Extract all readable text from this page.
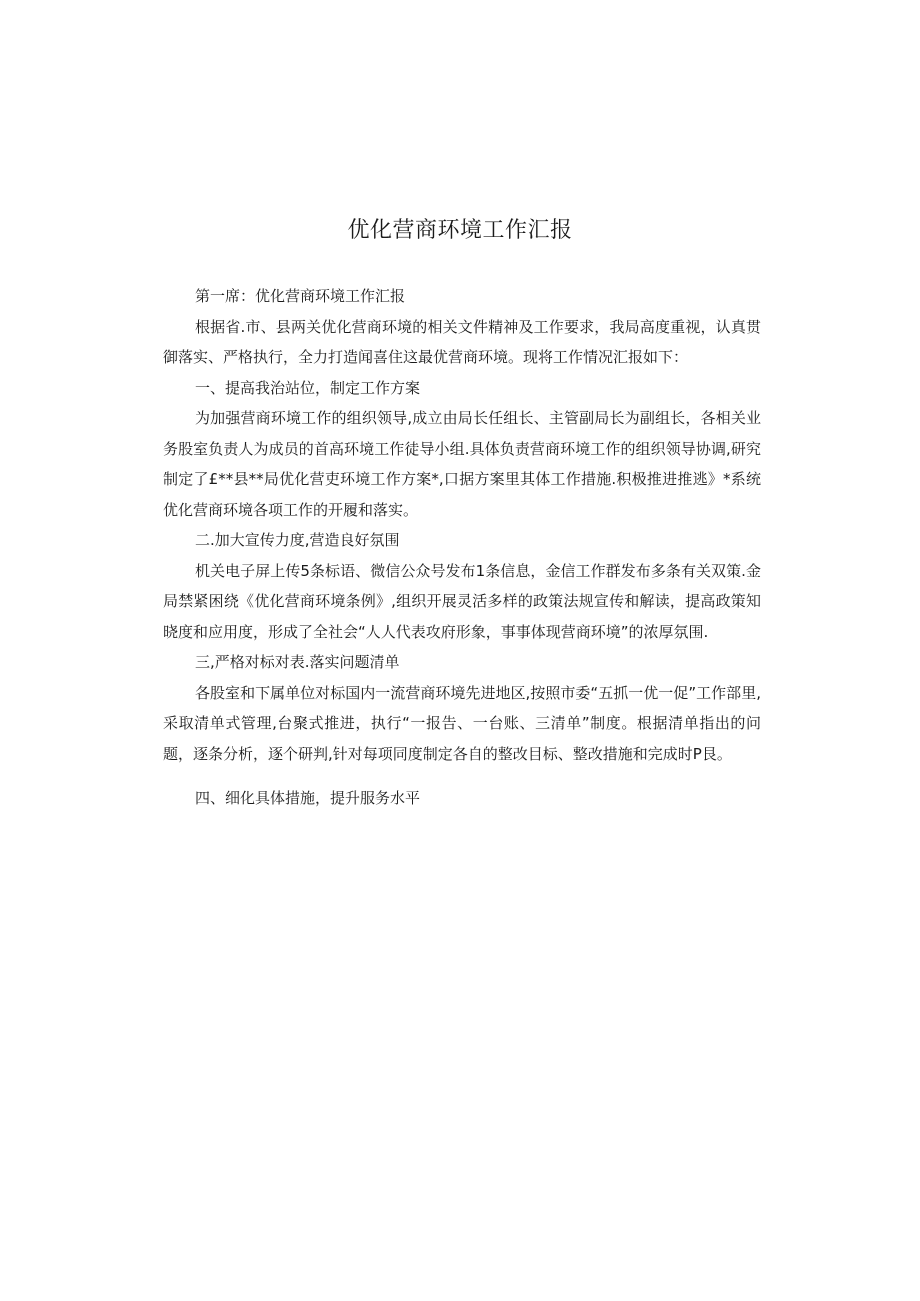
优化营商环境工作汇报

第一席：优化营商环境工作汇报

根据省.市、县两关优化营商环境的相关文件精神及工作要求，我局高度重视，认真贯御落实、严格执行，全力打造闻喜住这最优营商环境。现将工作情况汇报如下：

一、提高我治站位，制定工作方案

为加强营商环境工作的组织领导,成立由局长任组长、主管副局长为副组长，各相关业务股室负责人为成员的首高环境工作徒导小组.具体负责营商环境工作的组织领导协调,研究制定了£**县**局优化营吏环境工作方案*,口据方案里其体工作措施.积极推进推逃》*系统优化营商环境各项工作的开履和落实。

二.加大宣传力度,营造良好氛围

机关电子屏上传5条标语、微信公众号发布1条信息，金信工作群发布多条有关双策.金局禁紧困绕《优化营商环境条例》,组织开展灵活多样的政策法规宣传和解读，提高政策知晓度和应用度，形成了全社会“人人代表攻府形象，事事体现营商环境”的浓厚氛围.

三,严格对标对表.落实问题清单

各股室和下属单位对标国内一流营商环境先进地区,按照市委“五抓一优一促”工作部里,采取清单式管理,台聚式推进，执行“一报告、一台账、三清单”制度。根据清单指出的问题，逐条分析，逐个研判,针对每项同度制定各自的整改目标、整改措施和完成时P艮。

四、细化具体措施，提升服务水平
